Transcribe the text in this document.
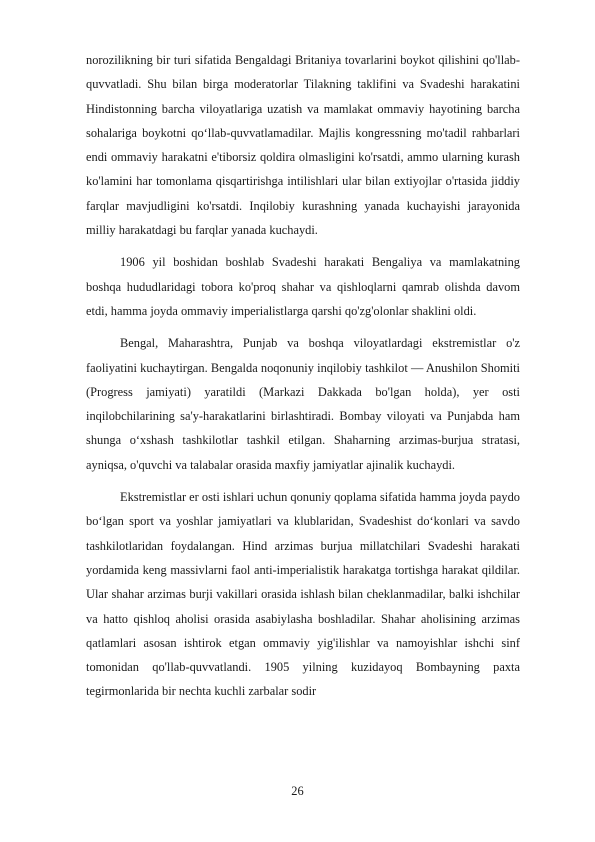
norozilikning bir turi sifatida Bengaldagi Britaniya tovarlarini boykot qilishini qo'llab-quvvatladi. Shu bilan birga moderatorlar Tilakning taklifini va Svadeshi harakatini Hindistonning barcha viloyatlariga uzatish va mamlakat ommaviy hayotining barcha sohalariga boykotni qo‘llab-quvvatlamadilar. Majlis kongressning mo'tadil rahbarlari endi ommaviy harakatni e'tiborsiz qoldira olmasligini ko'rsatdi, ammo ularning kurash ko'lamini har tomonlama qisqartirishga intilishlari ular bilan extiyojlar o'rtasida jiddiy farqlar mavjudligini ko'rsatdi. Inqilobiy kurashning yanada kuchayishi jarayonida milliy harakatdagi bu farqlar yanada kuchaydi.

1906 yil boshidan boshlab Svadeshi harakati Bengaliya va mamlakatning boshqa hududlaridagi tobora ko'proq shahar va qishloqlarni qamrab olishda davom etdi, hamma joyda ommaviy imperialistlarga qarshi qo'zg'olonlar shaklini oldi.

Bengal, Maharashtra, Punjab va boshqa viloyatlardagi ekstremistlar o'z faoliyatini kuchaytirgan. Bengalda noqonuniy inqilobiy tashkilot — Anushilon Shomiti (Progress jamiyati) yaratildi (Markazi Dakkada bo'lgan holda), yer osti inqilobchilarining sa'y-harakatlarini birlashtiradi. Bombay viloyati va Punjabda ham shunga o‘xshash tashkilotlar tashkil etilgan. Shaharning arzimas-burjua stratasi, ayniqsa, o'quvchi va talabalar orasida maxfiy jamiyatlar ajinalik kuchaydi.

Ekstremistlar er osti ishlari uchun qonuniy qoplama sifatida hamma joyda paydo bo‘lgan sport va yoshlar jamiyatlari va klublaridan, Svadeshist do‘konlari va savdo tashkilotlaridan foydalangan. Hind arzimas burjua millatchilari Svadeshi harakati yordamida keng massivlarni faol anti-imperialistik harakatga tortishga harakat qildilar. Ular shahar arzimas burji vakillari orasida ishlash bilan cheklanmadilar, balki ishchilar va hatto qishloq aholisi orasida asabiylasha boshladilar. Shahar aholisining arzimas qatlamlari asosan ishtirok etgan ommaviy yig'ilishlar va namoyishlar ishchi sinf tomonidan qo'llab-quvvatlandi. 1905 yilning kuzidayoq Bombayning paxta tegirmonlarida bir nechta kuchli zarbalar sodir

26
